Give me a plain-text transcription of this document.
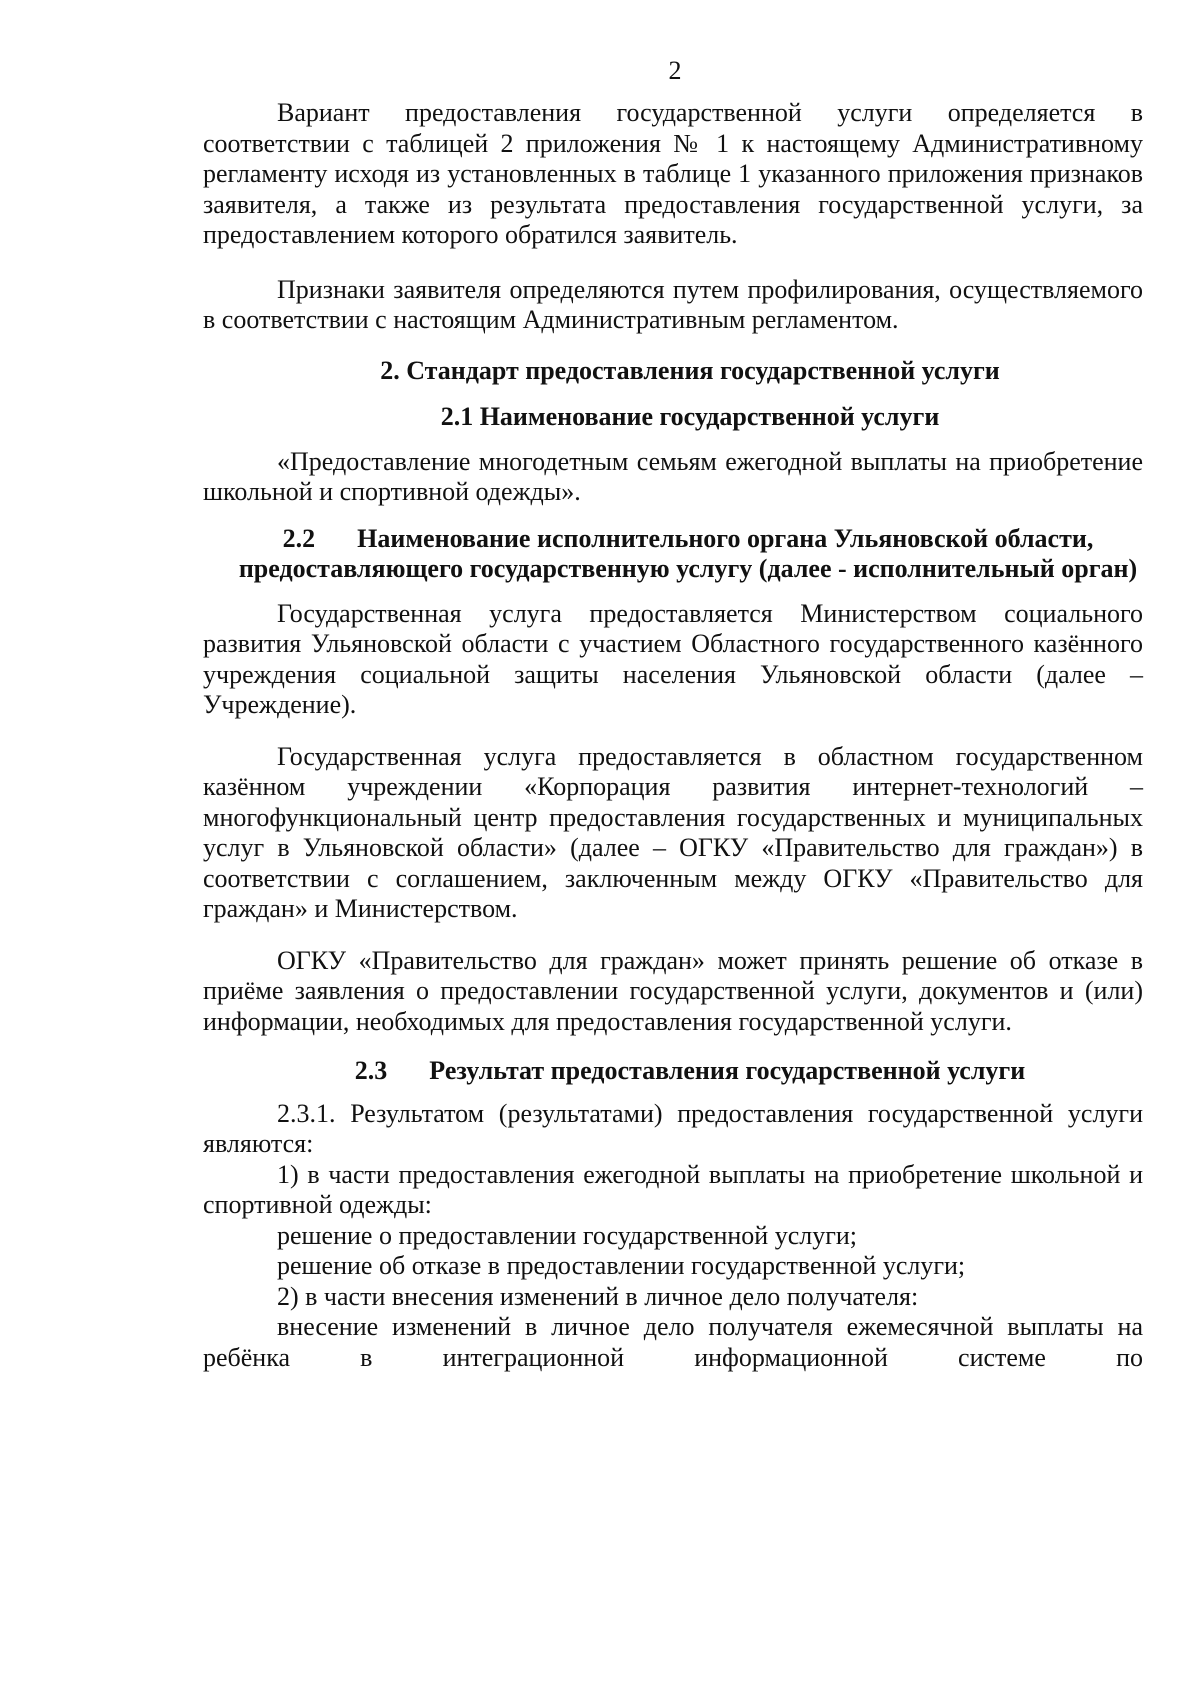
2

Вариант предоставления государственной услуги определяется в соответствии с таблицей 2 приложения № 1 к настоящему Административному регламенту исходя из установленных в таблице 1 указанного приложения признаков заявителя, а также из результата предоставления государственной услуги, за предоставлением которого обратился заявитель.

Признаки заявителя определяются путем профилирования, осуществляемого в соответствии с настоящим Административным регламентом.

2. Стандарт предоставления государственной услуги
2.1 Наименование государственной услуги

«Предоставление многодетным семьям ежегодной выплаты на приобретение школьной и спортивной одежды».

2.2 Наименование исполнительного органа Ульяновской области, предоставляющего государственную услугу (далее - исполнительный орган)

Государственная услуга предоставляется Министерством социального развития Ульяновской области с участием Областного государственного казённого учреждения социальной защиты населения Ульяновской области (далее – Учреждение).

Государственная услуга предоставляется в областном государственном казённом учреждении «Корпорация развития интернет-технологий – многофункциональный центр предоставления государственных и муниципальных услуг в Ульяновской области» (далее – ОГКУ «Правительство для граждан») в соответствии с соглашением, заключенным между ОГКУ «Правительство для граждан» и Министерством.

ОГКУ «Правительство для граждан» может принять решение об отказе в приёме заявления о предоставлении государственной услуги, документов и (или) информации, необходимых для предоставления государственной услуги.

2.3 Результат предоставления государственной услуги

2.3.1. Результатом (результатами) предоставления государственной услуги являются:

1) в части предоставления ежегодной выплаты на приобретение школьной и спортивной одежды:

решение о предоставлении государственной услуги;

решение об отказе в предоставлении государственной услуги;

2) в части внесения изменений в личное дело получателя:

внесение изменений в личное дело получателя ежемесячной выплаты на ребёнка в интеграционной информационной системе по
